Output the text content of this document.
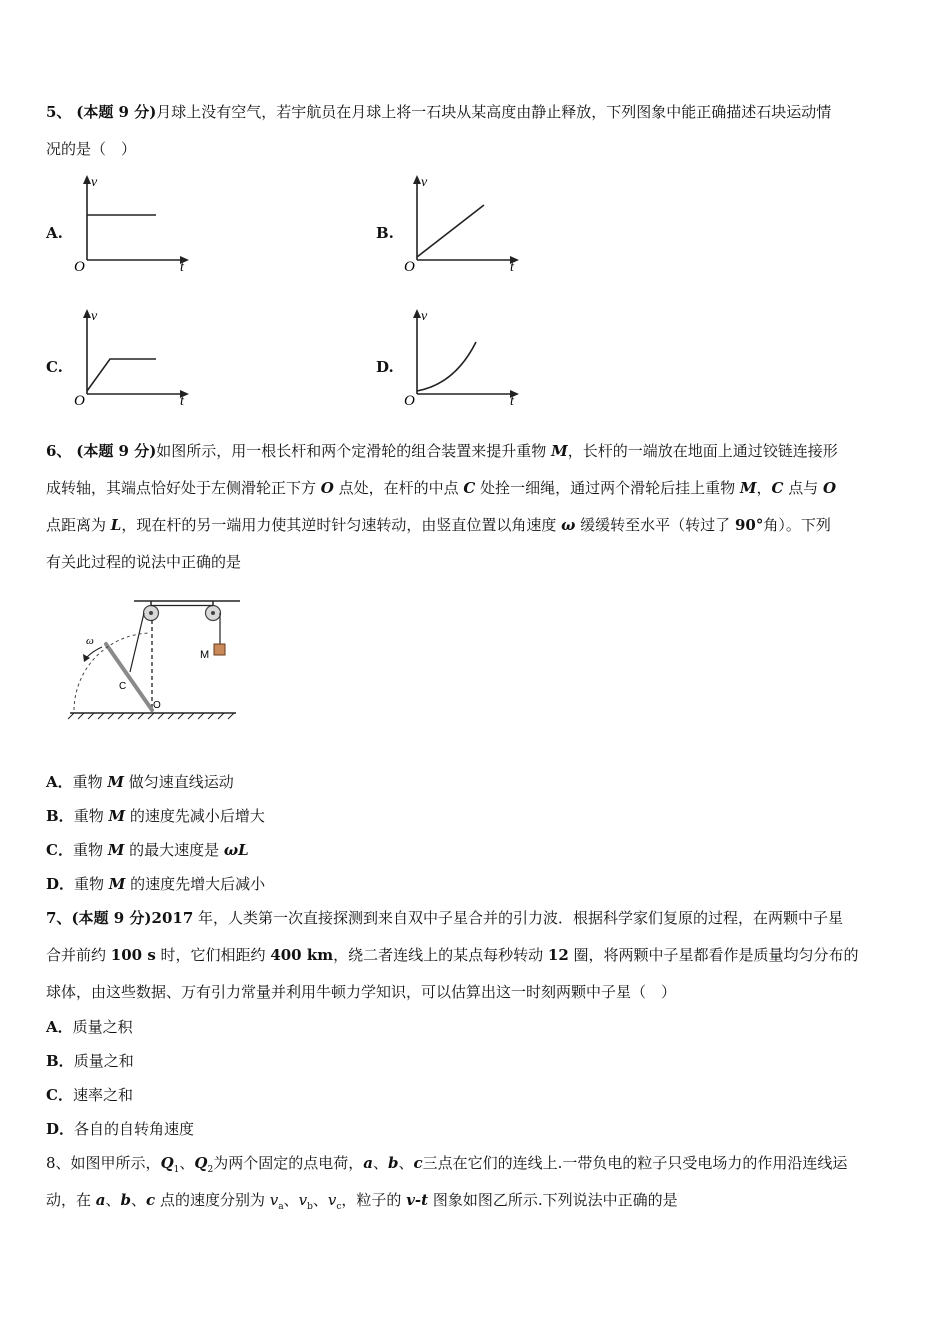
5、 (本题 9 分)月球上没有空气，若宇航员在月球上将一石块从某高度由静止释放，下列图象中能正确描述石块运动情
况的是（　）
A.
v
t
O
B.
v
t
O
C.
v
t
O
D.
v
t
O
6、 (本题 9 分)如图所示，用一根长杆和两个定滑轮的组合装置来提升重物 M，长杆的一端放在地面上通过铰链连接形
成转轴，其端点恰好处于左侧滑轮正下方 O 点处，在杆的中点 C 处拴一细绳，通过两个滑轮后挂上重物 M，C 点与 O
点距离为 L，现在杆的另一端用力使其逆时针匀速转动，由竖直位置以角速度 ω 缓缓转至水平（转过了 90°角）。下列
有关此过程的说法中正确的是
M
ω
C
O
A．重物 M 做匀速直线运动
B．重物 M 的速度先减小后增大
C．重物 M 的最大速度是 ωL
D．重物 M 的速度先增大后减小
7、(本题 9 分)2017 年，人类第一次直接探测到来自双中子星合并的引力波．根据科学家们复原的过程，在两颗中子星
合并前约 100 s 时，它们相距约 400 km，绕二者连线上的某点每秒转动 12 圈，将两颗中子星都看作是质量均匀分布的
球体，由这些数据、万有引力常量并利用牛顿力学知识，可以估算出这一时刻两颗中子星（　）
A．质量之积
B．质量之和
C．速率之和
D．各自的自转角速度
8、如图甲所示，$Q_1$、$Q_2$为两个固定的点电荷，a、b、c三点在它们的连线上.一带负电的粒子只受电场力的作用沿连线运
动，在 a、b、c 点的速度分别为 $v_a$、$v_b$、$v_c$，粒子的 v-t 图象如图乙所示.下列说法中正确的是
